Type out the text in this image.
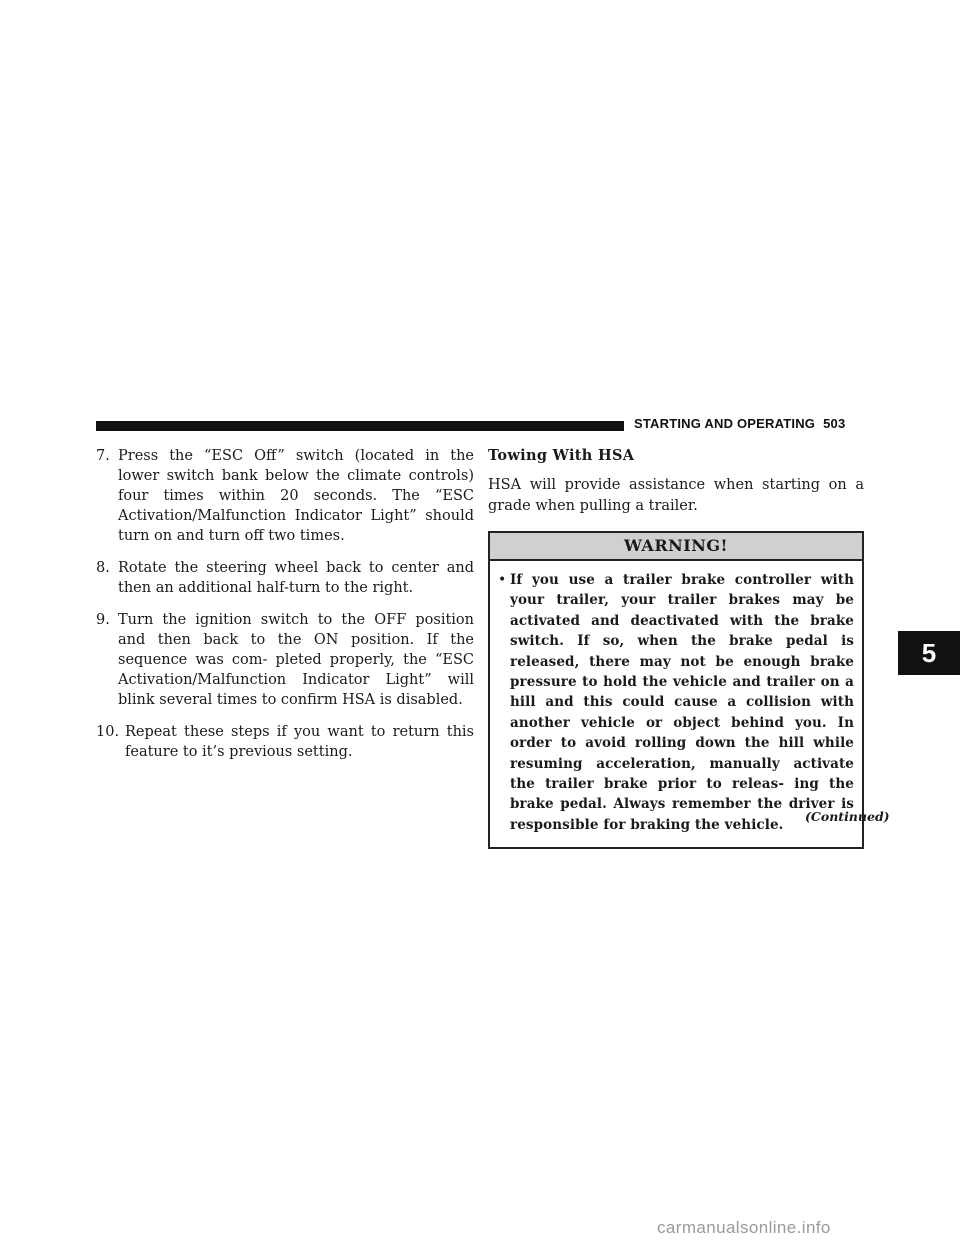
STARTING AND OPERATING 503
7. Press the “ESC Off” switch (located in the lower switch bank below the climate controls) four times within 20 seconds. The “ESC Activation/Malfunction Indicator Light” should turn on and turn off two times.
8. Rotate the steering wheel back to center and then an additional half-turn to the right.
9. Turn the ignition switch to the OFF position and then back to the ON position. If the sequence was com- pleted properly, the “ESC Activation/Malfunction Indicator Light” will blink several times to confirm HSA is disabled.
10. Repeat these steps if you want to return this feature to it’s previous setting.
Towing With HSA

HSA will provide assistance when starting on a grade when pulling a trailer.

WARNING!
• If you use a trailer brake controller with your trailer, your trailer brakes may be activated and deactivated with the brake switch. If so, when the brake pedal is released, there may not be enough brake pressure to hold the vehicle and trailer on a hill and this could cause a collision with another vehicle or object behind you. In order to avoid rolling down the hill while resuming acceleration, manually activate the trailer brake prior to releas- ing the brake pedal. Always remember the driver is responsible for braking the vehicle.
(Continued)
5
carmanualsonline.info
